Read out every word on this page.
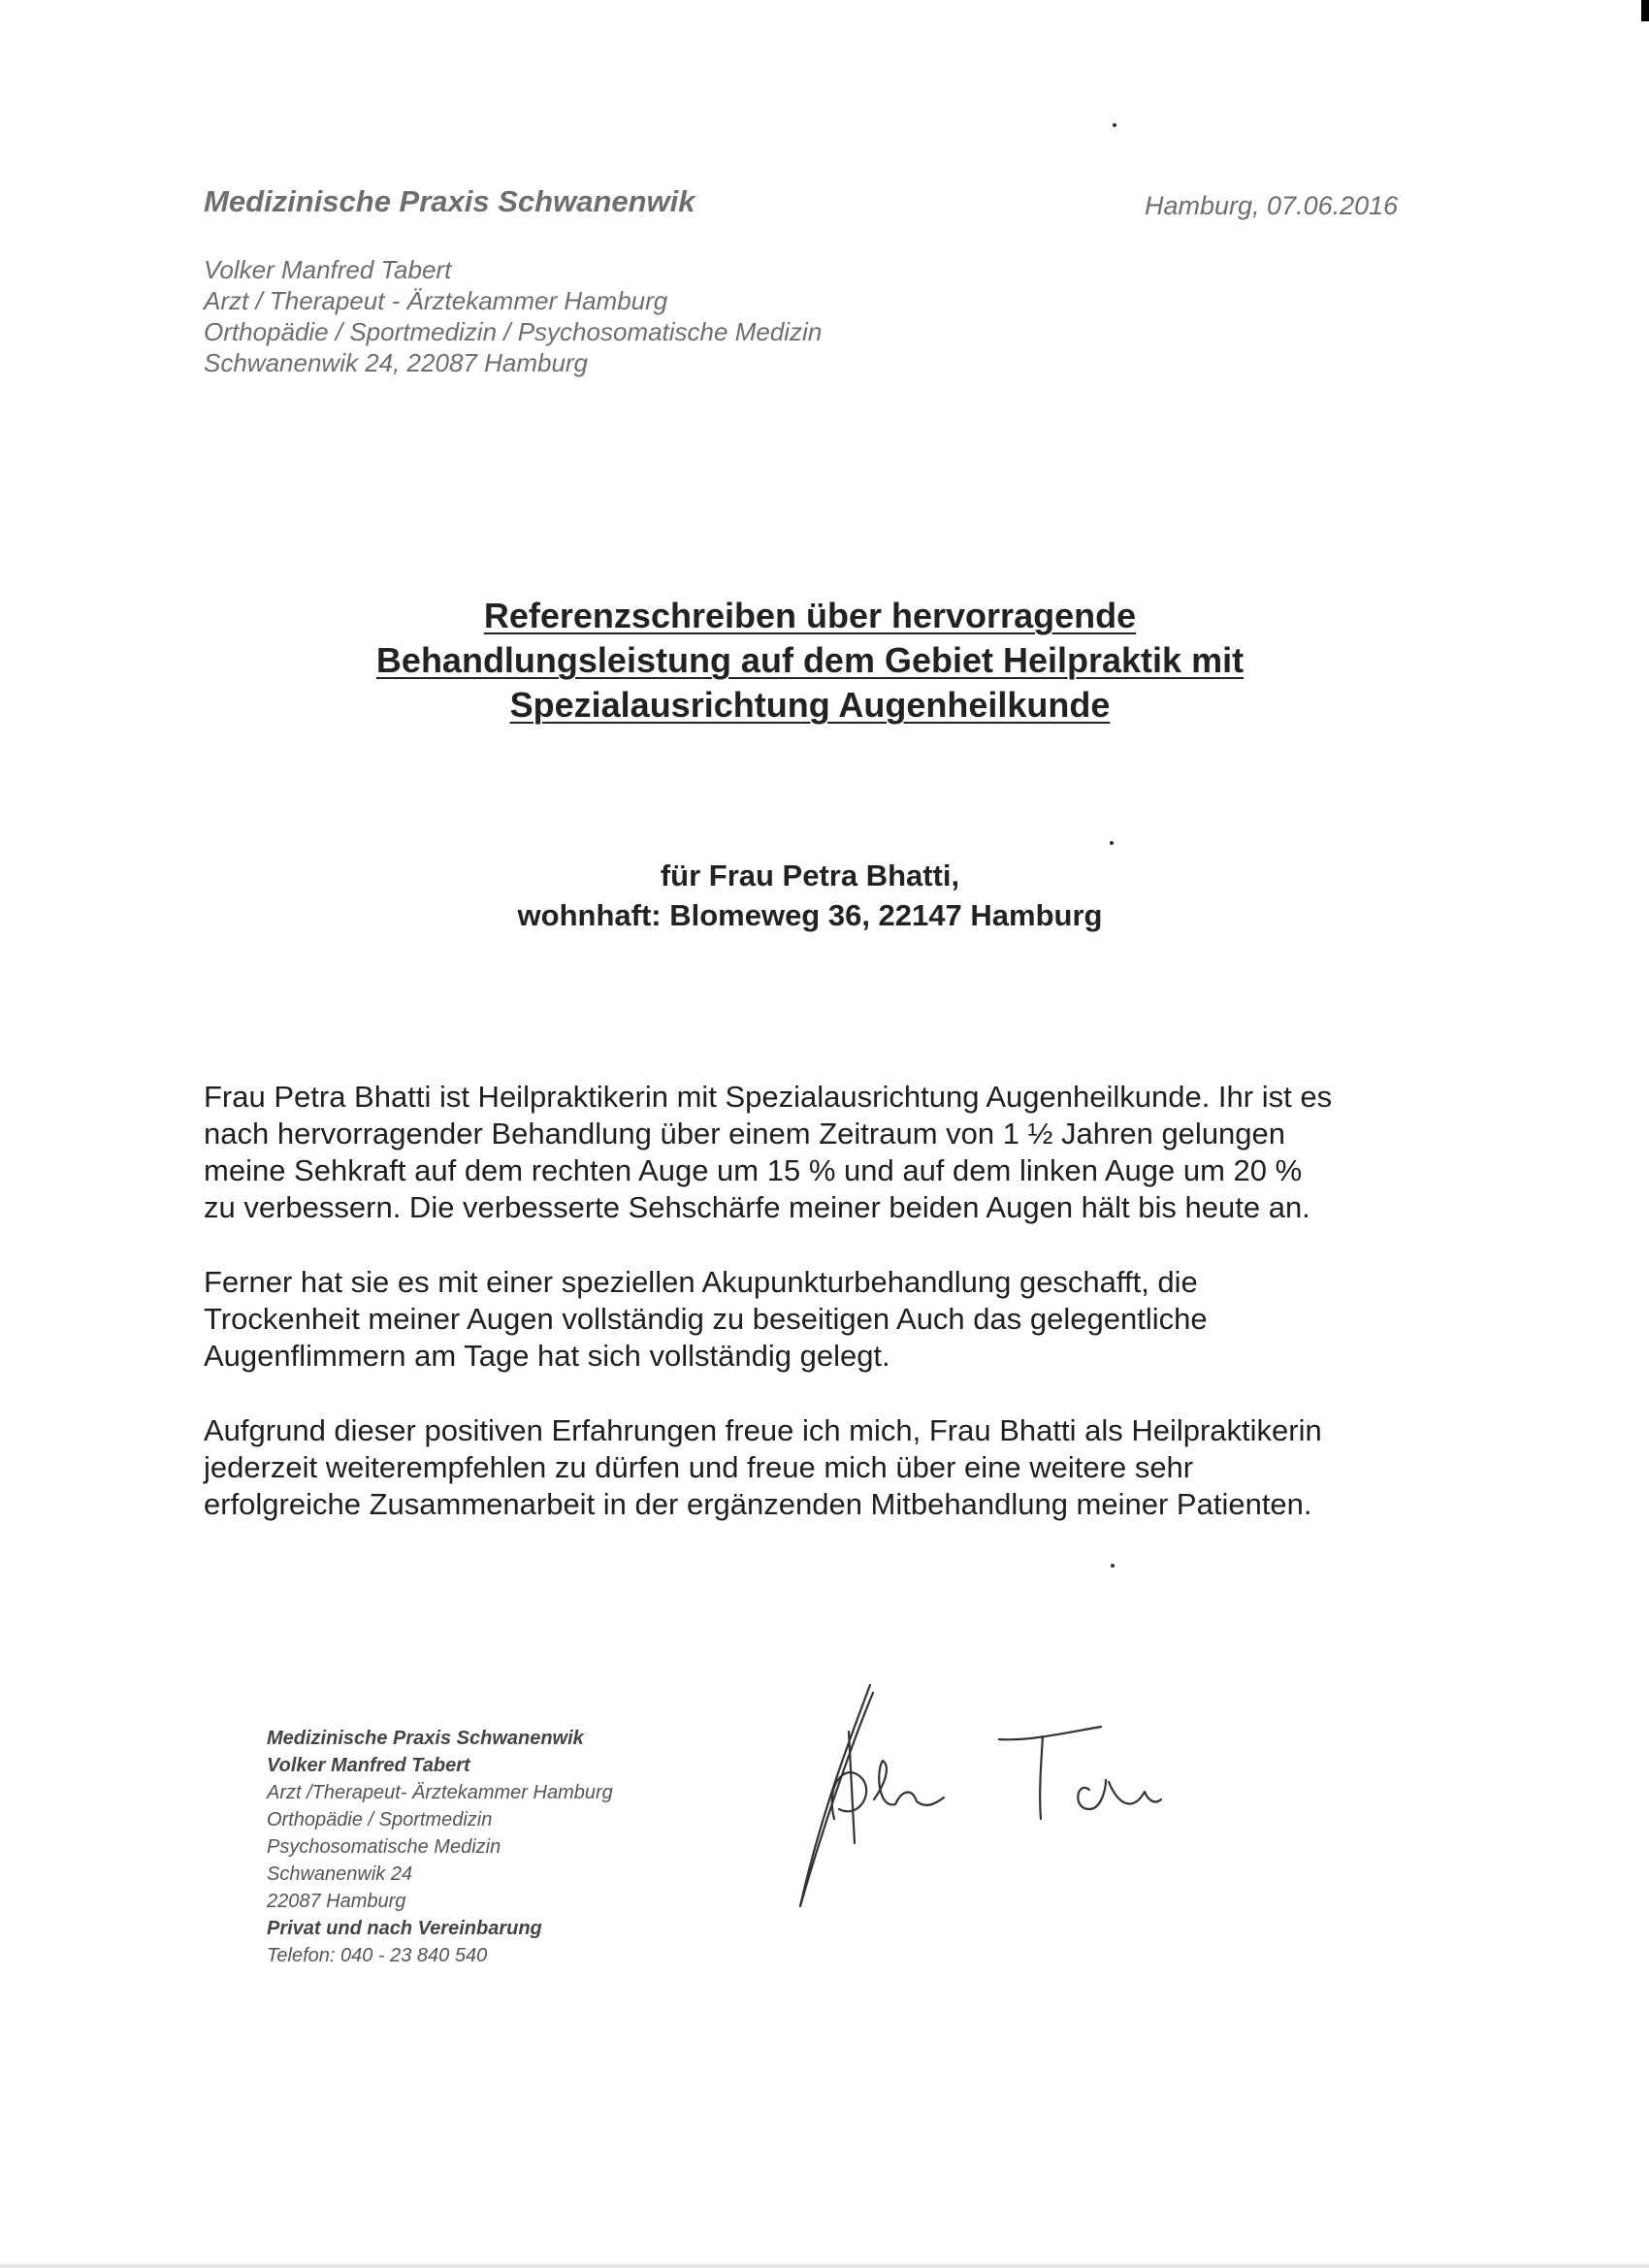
Medizinische Praxis Schwanenwik	Hamburg, 07.06.2016
Volker Manfred Tabert
Arzt / Therapeut - Ärztekammer Hamburg
Orthopädie / Sportmedizin / Psychosomatische Medizin
Schwanenwik 24, 22087 Hamburg
Referenzschreiben über hervorragende
Behandlungsleistung auf dem Gebiet Heilpraktik mit
Spezialausrichtung Augenheilkunde
für Frau Petra Bhatti,
wohnhaft: Blomeweg 36, 22147 Hamburg

Frau Petra Bhatti ist Heilpraktikerin mit Spezialausrichtung Augenheilkunde. Ihr ist es
nach hervorragender Behandlung über einem Zeitraum von 1 ½ Jahren gelungen
meine Sehkraft auf dem rechten Auge um 15 % und auf dem linken Auge um 20 %
zu verbessern. Die verbesserte Sehschärfe meiner beiden Augen hält bis heute an.

Ferner hat sie es mit einer speziellen Akupunkturbehandlung geschafft, die
Trockenheit meiner Augen vollständig zu beseitigen Auch das gelegentliche
Augenflimmern am Tage hat sich vollständig gelegt.

Aufgrund dieser positiven Erfahrungen freue ich mich, Frau Bhatti als Heilpraktikerin
jederzeit weiterempfehlen zu dürfen und freue mich über eine weitere sehr
erfolgreiche Zusammenarbeit in der ergänzenden Mitbehandlung meiner Patienten.

Medizinische Praxis Schwanenwik
Volker Manfred Tabert
Arzt /Therapeut- Ärztekammer Hamburg
Orthopädie / Sportmedizin
Psychosomatische Medizin
Schwanenwik 24
22087 Hamburg
Privat und nach Vereinbarung
Telefon: 040 - 23 840 540
